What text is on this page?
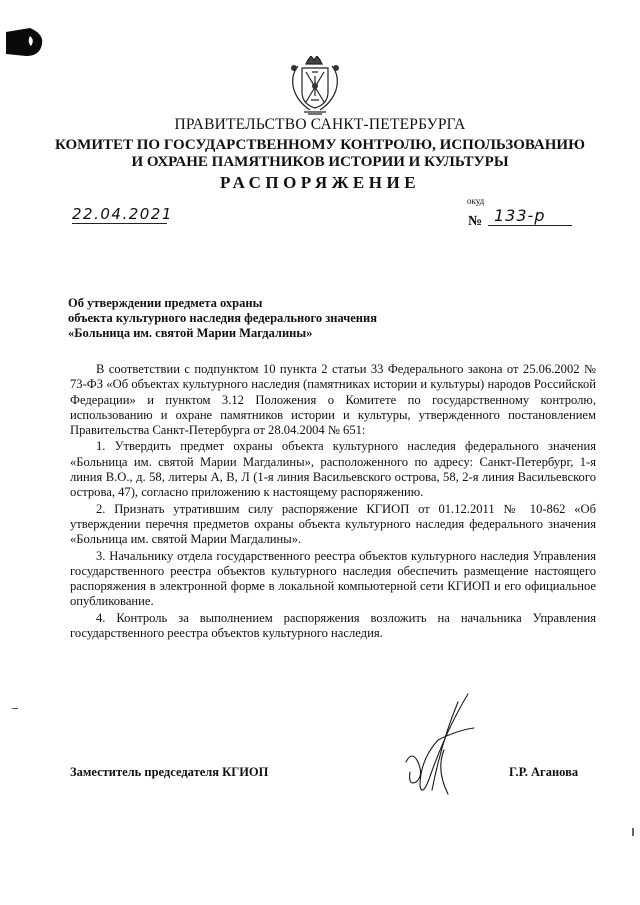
ПРАВИТЕЛЬСТВО САНКТ-ПЕТЕРБУРГА
КОМИТЕТ ПО ГОСУДАРСТВЕННОМУ КОНТРОЛЮ, ИСПОЛЬЗОВАНИЮ
И ОХРАНЕ ПАМЯТНИКОВ ИСТОРИИ И КУЛЬТУРЫ
РАСПОРЯЖЕНИЕ
окуд
22.04.2021	№ 133-р
Об утверждении предмета охраны
объекта культурного наследия федерального значения
«Больница им. святой Марии Магдалины»

В соответствии с подпунктом 10 пункта 2 статьи 33 Федерального закона от 25.06.2002 № 73-ФЗ «Об объектах культурного наследия (памятниках истории и культуры) народов Российской Федерации» и пунктом 3.12 Положения о Комитете по государственному контролю, использованию и охране памятников истории и культуры, утвержденного постановлением Правительства Санкт-Петербурга от 28.04.2004 № 651:

1. Утвердить предмет охраны объекта культурного наследия федерального значения «Больница им. святой Марии Магдалины», расположенного по адресу: Санкт-Петербург, 1-я линия В.О., д. 58, литеры А, В, Л (1-я линия Васильевского острова, 58, 2-я линия Васильевского острова, 47), согласно приложению к настоящему распоряжению.

2. Признать утратившим силу распоряжение КГИОП от 01.12.2011 № 10-862 «Об утверждении перечня предметов охраны объекта культурного наследия федерального значения «Больница им. святой Марии Магдалины».

3. Начальнику отдела государственного реестра объектов культурного наследия Управления государственного реестра объектов культурного наследия обеспечить размещение настоящего распоряжения в электронной форме в локальной компьютерной сети КГИОП и его официальное опубликование.

4. Контроль за выполнением распоряжения возложить на начальника Управления государственного реестра объектов культурного наследия.

Заместитель председателя КГИОП	Г.Р. Аганова
